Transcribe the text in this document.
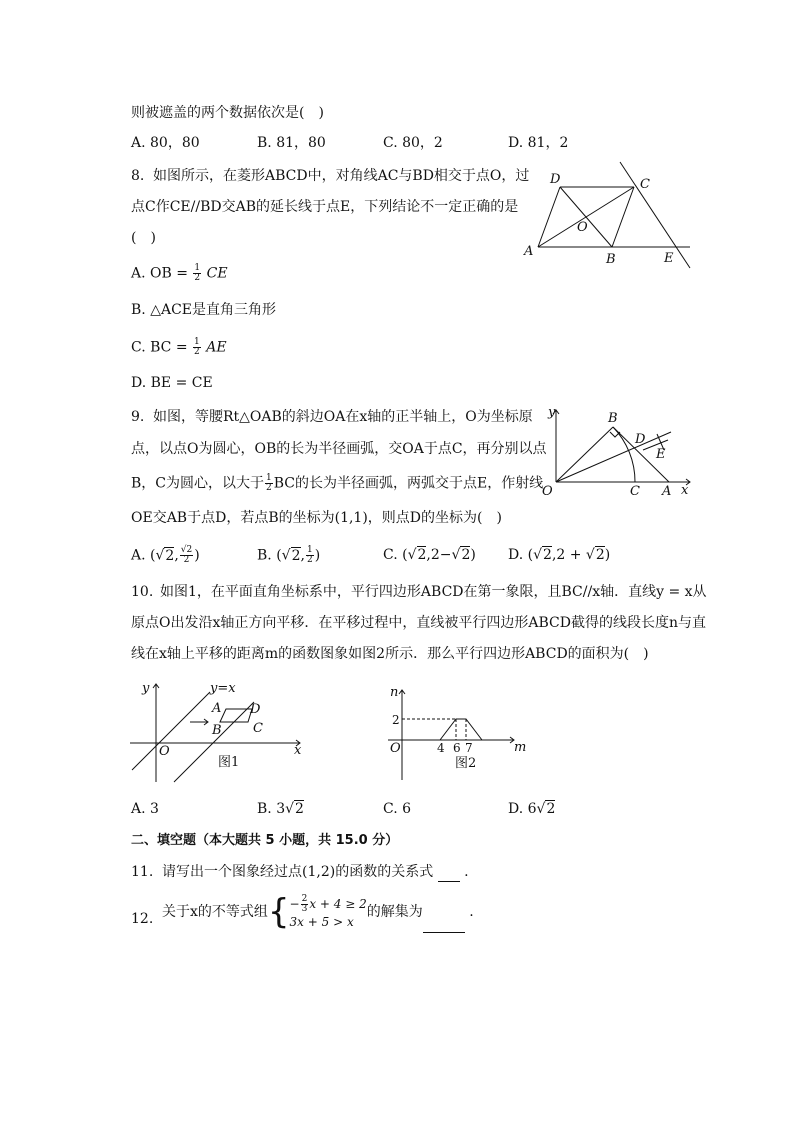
则被遮盖的两个数据依次是(　)
A. 80，80	B. 81，80	C. 80，2	D. 81，2
8. 如图所示，在菱形ABCD中，对角线AC与BD相交于点O，过
点C作CE//BD交AB的延长线于点E，下列结论不一定正确的是
(　)
A. OB = $\frac{1}{2}$ CE
B. △ACE是直角三角形
C. BC = $\frac{1}{2}$ AE
D. BE = CE
A
B
C
D
E
O
9. 如图，等腰Rt△OAB的斜边OA在x轴的正半轴上，O为坐标原
点，以点O为圆心，OB的长为半径画弧，交OA于点C，再分别以点
B，C为圆心，以大于 $\frac{1}{2}$ BC的长为半径画弧，两弧交于点E，作射线
OE交AB于点D，若点B的坐标为(1,1)，则点D的坐标为(　)
A. (√2, $\frac{√2}{2}$ )	B. (√2, $\frac{1}{2}$ )	C. (√2,2−√2) D. (√2,2 + √2)
O
y
x
B
C A
D
E
10. 如图1，在平面直角坐标系中，平行四边形ABCD在第一象限，且BC//x轴．直线y = x从
原点O出发沿x轴正方向平移．在平移过程中，直线被平行四边形ABCD截得的线段长度n与直
线在x轴上平移的距离m的函数图象如图2所示．那么平行四边形ABCD的面积为(　)
y
x
O
y=x
A D
B C
图1
n
m
O
2
4 6 7
图2
A. 3	B. 3√2	C. 6	D. 6√2
二、填空题（本大题共 5 小题，共 15.0 分）
11. 请写出一个图象经过点(1,2)的函数的关系式 .
12. 关于x的不等式组{ − $\frac{2}{3}$ x + 4 ≥ 2
3x + 5 > x
的解集为	.
